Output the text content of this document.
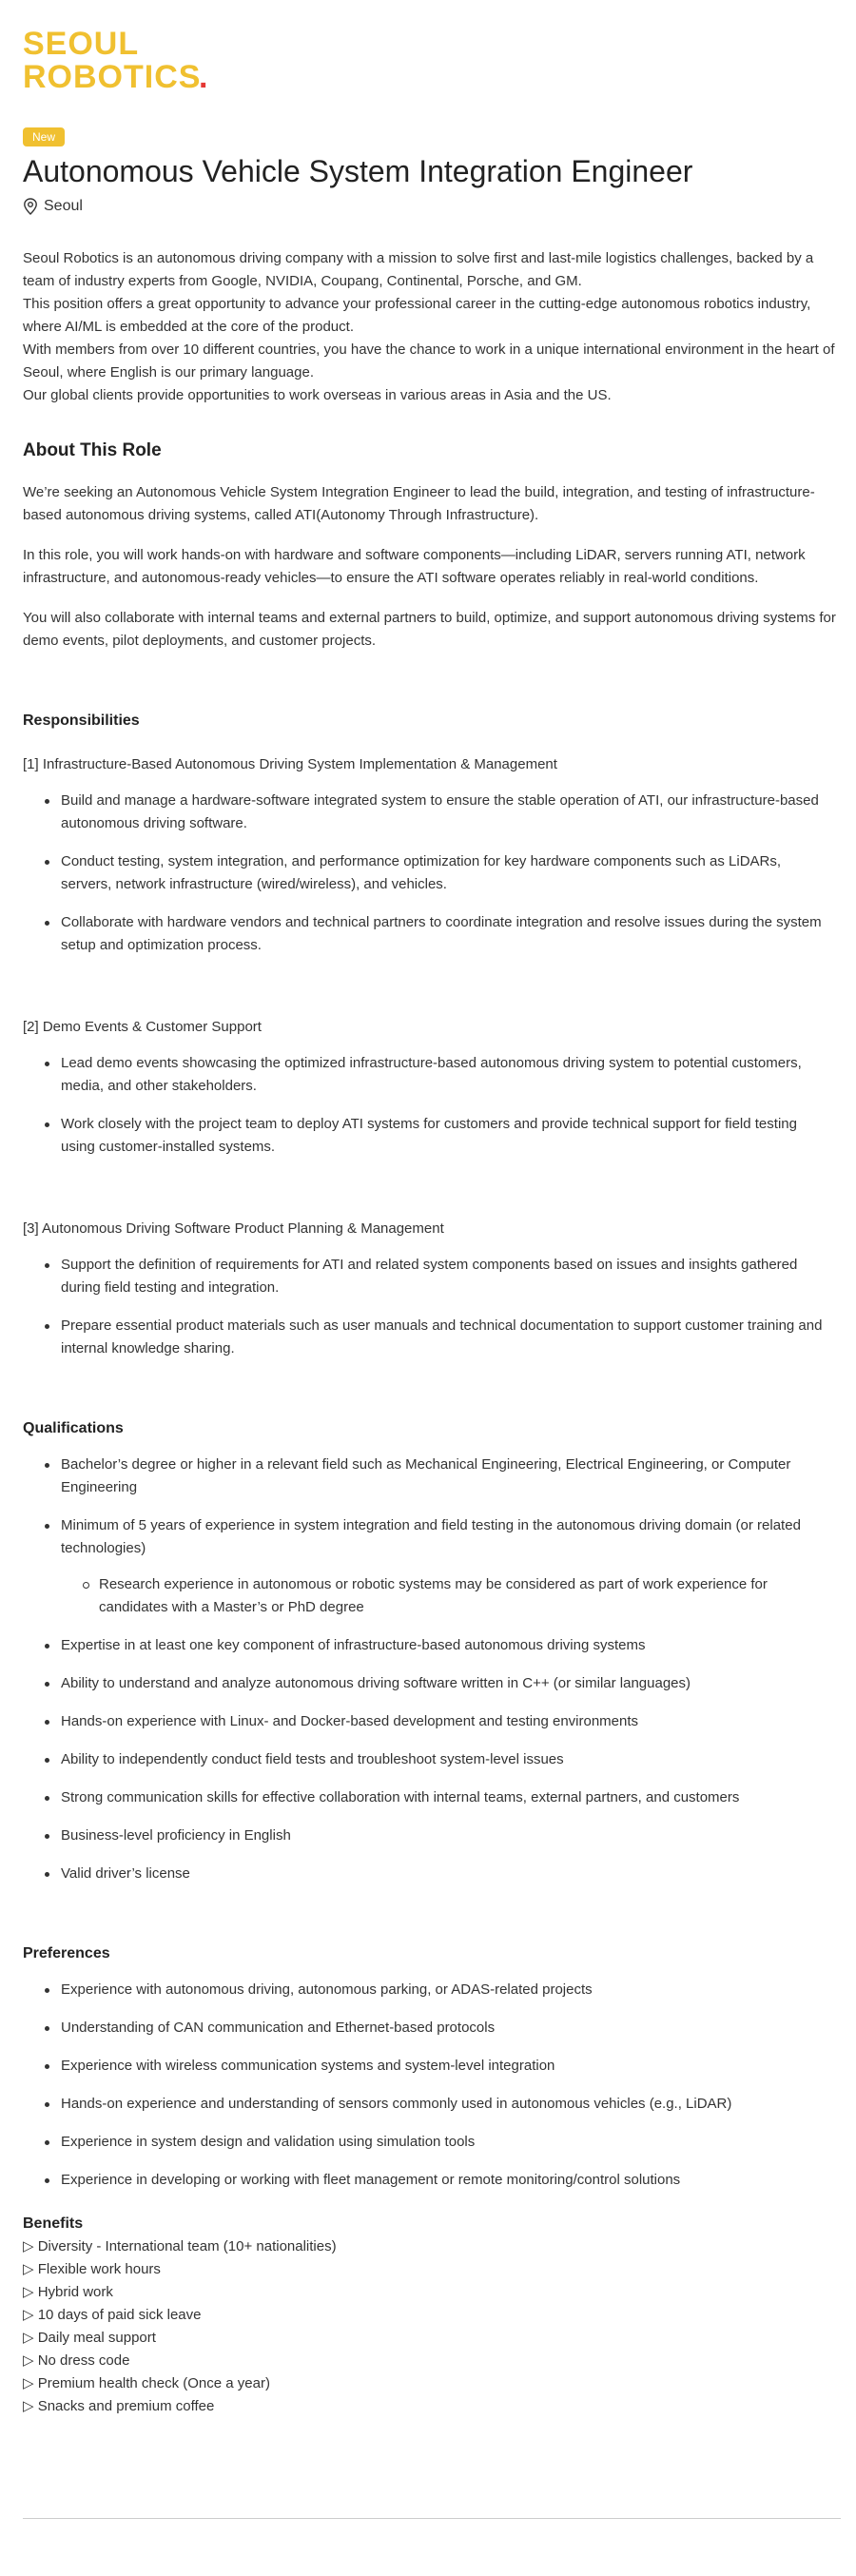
SEOUL
ROBOTICS
.
New
Autonomous Vehicle System Integration Engineer
Seoul

Seoul Robotics is an autonomous driving company with a mission to solve first and last-mile logistics challenges, backed by a team of industry experts from Google, NVIDIA, Coupang, Continental, Porsche, and GM.

This position offers a great opportunity to advance your professional career in the cutting-edge autonomous robotics industry, where AI/ML is embedded at the core of the product.

With members from over 10 different countries, you have the chance to work in a unique international environment in the heart of Seoul, where English is our primary language.

Our global clients provide opportunities to work overseas in various areas in Asia and the US.

About This Role

We’re seeking an Autonomous Vehicle System Integration Engineer to lead the build, integration, and testing of infrastructure-based autonomous driving systems, called ATI(Autonomy Through Infrastructure).

In this role, you will work hands-on with hardware and software components—including LiDAR, servers running ATI, network infrastructure, and autonomous-ready vehicles—to ensure the ATI software operates reliably in real-world conditions.

You will also collaborate with internal teams and external partners to build, optimize, and support autonomous driving systems for demo events, pilot deployments, and customer projects.

Responsibilities
[1] Infrastructure-Based Autonomous Driving System Implementation & Management
Build and manage a hardware-software integrated system to ensure the stable operation of ATI, our infrastructure-based autonomous driving software.
Conduct testing, system integration, and performance optimization for key hardware components such as LiDARs, servers, network infrastructure (wired/wireless), and vehicles.
Collaborate with hardware vendors and technical partners to coordinate integration and resolve issues during the system setup and optimization process.
[2] Demo Events & Customer Support
Lead demo events showcasing the optimized infrastructure-based autonomous driving system to potential customers, media, and other stakeholders.
Work closely with the project team to deploy ATI systems for customers and provide technical support for field testing using customer-installed systems.
[3] Autonomous Driving Software Product Planning & Management
Support the definition of requirements for ATI and related system components based on issues and insights gathered during field testing and integration.
Prepare essential product materials such as user manuals and technical documentation to support customer training and internal knowledge sharing.
Qualifications
Bachelor’s degree or higher in a relevant field such as Mechanical Engineering, Electrical Engineering, or Computer Engineering
Minimum of 5 years of experience in system integration and field testing in the autonomous driving domain (or related technologies)
Research experience in autonomous or robotic systems may be considered as part of work experience for candidates with a Master’s or PhD degree
Expertise in at least one key component of infrastructure-based autonomous driving systems
Ability to understand and analyze autonomous driving software written in C++ (or similar languages)
Hands-on experience with Linux- and Docker-based development and testing environments
Ability to independently conduct field tests and troubleshoot system-level issues
Strong communication skills for effective collaboration with internal teams, external partners, and customers
Business-level proficiency in English
Valid driver’s license
Preferences
Experience with autonomous driving, autonomous parking, or ADAS-related projects
Understanding of CAN communication and Ethernet-based protocols
Experience with wireless communication systems and system-level integration
Hands-on experience and understanding of sensors commonly used in autonomous vehicles (e.g., LiDAR)
Experience in system design and validation using simulation tools
Experience in developing or working with fleet management or remote monitoring/control solutions
Benefits
▷ Diversity - International team (10+ nationalities)
▷ Flexible work hours
▷ Hybrid work
▷ 10 days of paid sick leave
▷ Daily meal support
▷ No dress code
▷ Premium health check (Once a year)
▷ Snacks and premium coffee
